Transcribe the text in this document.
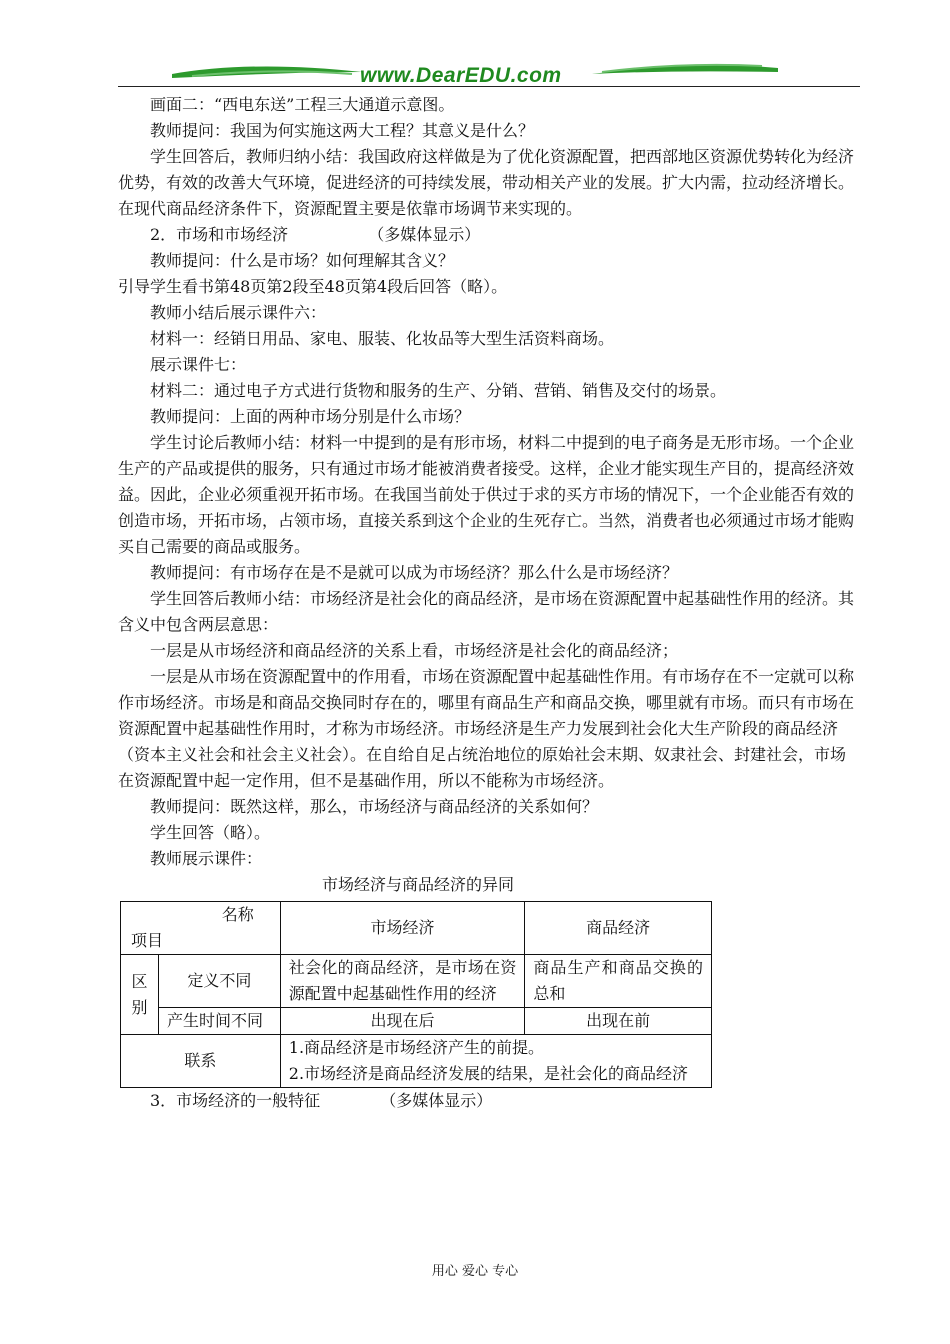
www.DearEDU.com

画面二：“西电东送”工程三大通道示意图。

教师提问：我国为何实施这两大工程？其意义是什么？

学生回答后，教师归纳小结：我国政府这样做是为了优化资源配置，把西部地区资源优势转化为经济优势，有效的改善大气环境，促进经济的可持续发展，带动相关产业的发展。扩大内需，拉动经济增长。在现代商品经济条件下，资源配置主要是依靠市场调节来实现的。

2．市场和市场经济	（多媒体显示）

教师提问：什么是市场？如何理解其含义？

引导学生看书第48页第2段至48页第4段后回答（略）。

教师小结后展示课件六：

材料一：经销日用品、家电、服装、化妆品等大型生活资料商场。

展示课件七：

材料二：通过电子方式进行货物和服务的生产、分销、营销、销售及交付的场景。

教师提问：上面的两种市场分别是什么市场？

学生讨论后教师小结：材料一中提到的是有形市场，材料二中提到的电子商务是无形市场。一个企业生产的产品或提供的服务，只有通过市场才能被消费者接受。这样，企业才能实现生产目的，提高经济效益。因此，企业必须重视开拓市场。在我国当前处于供过于求的买方市场的情况下，一个企业能否有效的创造市场，开拓市场，占领市场，直接关系到这个企业的生死存亡。当然，消费者也必须通过市场才能购买自己需要的商品或服务。

教师提问：有市场存在是不是就可以成为市场经济？那么什么是市场经济？

学生回答后教师小结：市场经济是社会化的商品经济，是市场在资源配置中起基础性作用的经济。其含义中包含两层意思：

一层是从市场经济和商品经济的关系上看，市场经济是社会化的商品经济；

一层是从市场在资源配置中的作用看，市场在资源配置中起基础性作用。有市场存在不一定就可以称作市场经济。市场是和商品交换同时存在的，哪里有商品生产和商品交换，哪里就有市场。而只有市场在资源配置中起基础性作用时，才称为市场经济。市场经济是生产力发展到社会化大生产阶段的商品经济（资本主义社会和社会主义社会）。在自给自足占统治地位的原始社会末期、奴隶社会、封建社会，市场在资源配置中起一定作用，但不是基础作用，所以不能称为市场经济。

教师提问：既然这样，那么，市场经济与商品经济的关系如何？

学生回答（略）。

教师展示课件：

市场经济与商品经济的异同

名称
项目		市场经济	商品经济

区别	定义不同	社会化的商品经济，是市场在资源配置中起基础性作用的经济	商品生产和商品交换的总和
	产生时间不同	出现在后	出现在前
联系		1.商品经济是市场经济产生的前提。
2.市场经济是商品经济发展的结果，是社会化的商品经济	

3．市场经济的一般特征	（多媒体显示）

用心 爱心 专心
